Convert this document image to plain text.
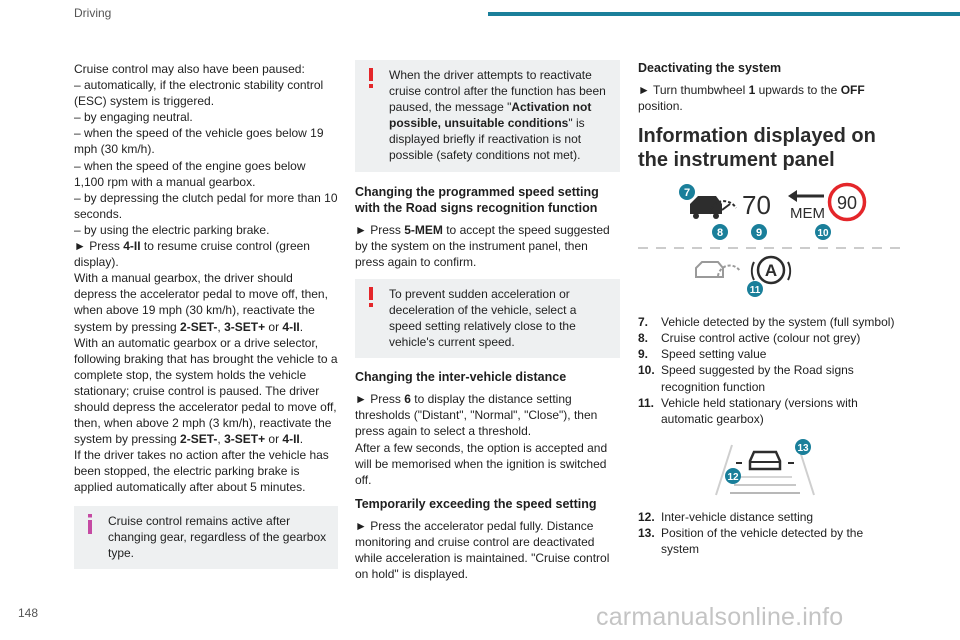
Driving

Cruise control may also have been paused:

– automatically, if the electronic stability control (ESC) system is triggered.

– by engaging neutral.

– when the speed of the vehicle goes below 19 mph (30 km/h).

– when the speed of the engine goes below 1,100 rpm with a manual gearbox.

– by depressing the clutch pedal for more than 10 seconds.

– by using the electric parking brake.

► Press 4-II to resume cruise control (green display).

With a manual gearbox, the driver should depress the accelerator pedal to move off, then, when above 19 mph (30 km/h), reactivate the system by pressing 2-SET-, 3-SET+ or 4-II.

With an automatic gearbox or a drive selector, following braking that has brought the vehicle to a complete stop, the system holds the vehicle stationary; cruise control is paused. The driver should depress the accelerator pedal to move off, then, when above 2 mph (3 km/h), reactivate the system by pressing 2-SET-, 3-SET+ or 4-II.

If the driver takes no action after the vehicle has been stopped, the electric parking brake is applied automatically after about 5 minutes.

Cruise control remains active after changing gear, regardless of the gearbox type.

When the driver attempts to reactivate cruise control after the function has been paused, the message "Activation not possible, unsuitable conditions" is displayed briefly if reactivation is not possible (safety conditions not met).

Changing the programmed speed setting with the Road signs recognition function

► Press 5-MEM to accept the speed suggested by the system on the instrument panel, then press again to confirm.

To prevent sudden acceleration or deceleration of the vehicle, select a speed setting relatively close to the vehicle's current speed.

Changing the inter-vehicle distance

► Press 6 to display the distance setting thresholds ("Distant", "Normal", "Close"), then press again to select a threshold.

After a few seconds, the option is accepted and will be memorised when the ignition is switched off.

Temporarily exceeding the speed setting

► Press the accelerator pedal fully. Distance monitoring and cruise control are deactivated while acceleration is maintained. "Cruise control on hold" is displayed.

Deactivating the system

► Turn thumbwheel 1 upwards to the OFF position.

Information displayed on the instrument panel
70 MEM
90
7
8	9	10
A
11
7.	Vehicle detected by the system (full symbol)
8.	Cruise control active (colour not grey)
9.	Speed setting value
10. Speed suggested by the Road signs recognition function
11. Vehicle held stationary (versions with automatic gearbox)
12
13
12. Inter-vehicle distance setting
13. Position of the vehicle detected by the system
148	carmanualsonline.info
